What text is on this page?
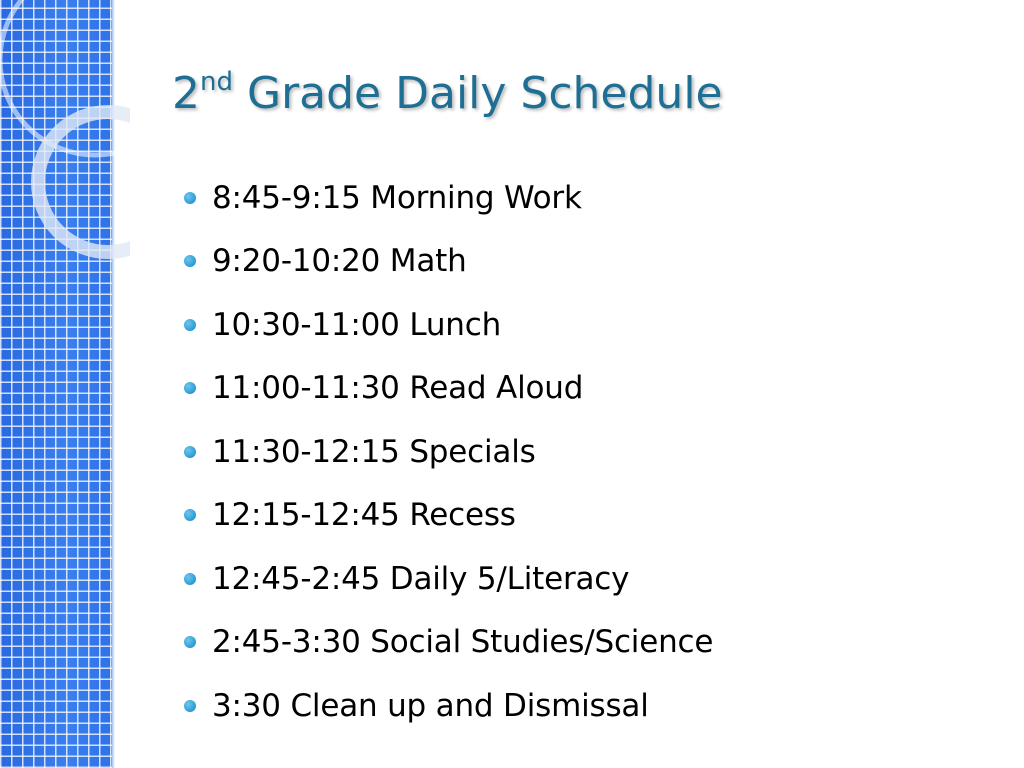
2nd Grade Daily Schedule
8:45-9:15 Morning Work
9:20-10:20 Math
10:30-11:00 Lunch
11:00-11:30 Read Aloud
11:30-12:15 Specials
12:15-12:45 Recess
12:45-2:45 Daily 5/Literacy
2:45-3:30 Social Studies/Science
3:30 Clean up and Dismissal
